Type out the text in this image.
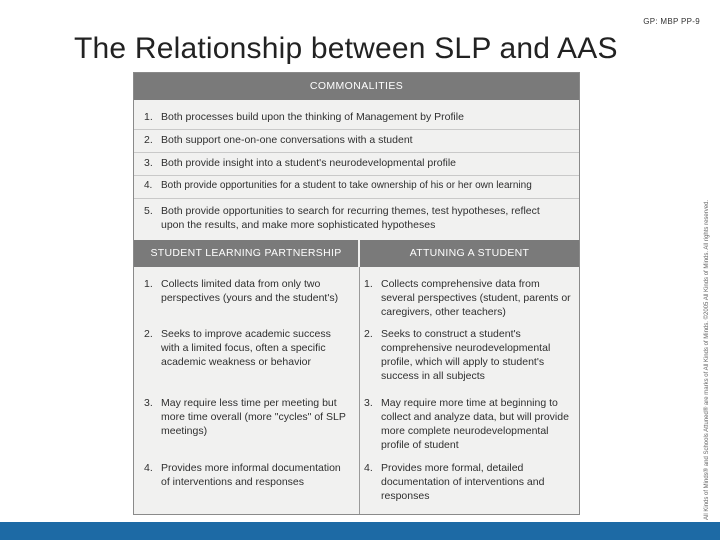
GP: MBP PP-9
The Relationship between SLP and AAS
All Kinds of Minds® and Schools Attuned® are marks of All Kinds of Minds. ©2005 All Kinds of Minds. All rights reserved.
COMMONALITIES
1. Both processes build upon the thinking of Management by Profile
2. Both support one-on-one conversations with a student
3. Both provide insight into a student's neurodevelopmental profile
4. Both provide opportunities for a student to take ownership of his or her own learning
5. Both provide opportunities to search for recurring themes, test hypotheses, reflect upon the results, and make more sophisticated hypotheses
STUDENT LEARNING PARTNERSHIP	ATTUNING A STUDENT
1. Collects limited data from only two perspectives (yours and the student's)
2. Seeks to improve academic success with a limited focus, often a specific academic weakness or behavior
3. May require less time per meeting but more time overall (more "cycles" of SLP meetings)
4. Provides more informal documentation of interventions and responses
1. Collects comprehensive data from several perspectives (student, parents or caregivers, other teachers)
2. Seeks to construct a student's comprehensive neurodevelopmental profile, which will apply to student's success in all subjects
3. May require more time at beginning to collect and analyze data, but will provide more complete neurodevelopmental profile of student
4. Provides more formal, detailed documentation of interventions and responses
